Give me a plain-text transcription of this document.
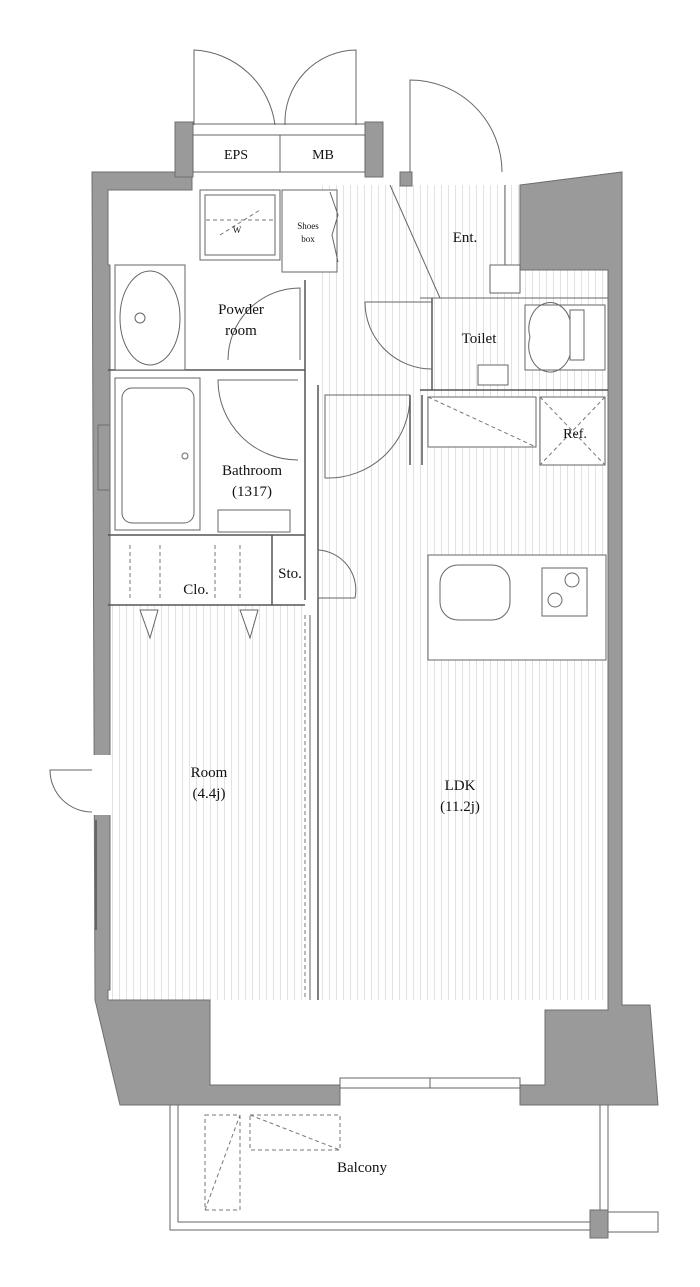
EPS	MB
Ent.
Shoes
box
W
Powder
room	Toilet
Bathroom
(1317)
Ref.
Clo.
Sto.
Room
(4.4j)	LDK
(11.2j)
Balcony
